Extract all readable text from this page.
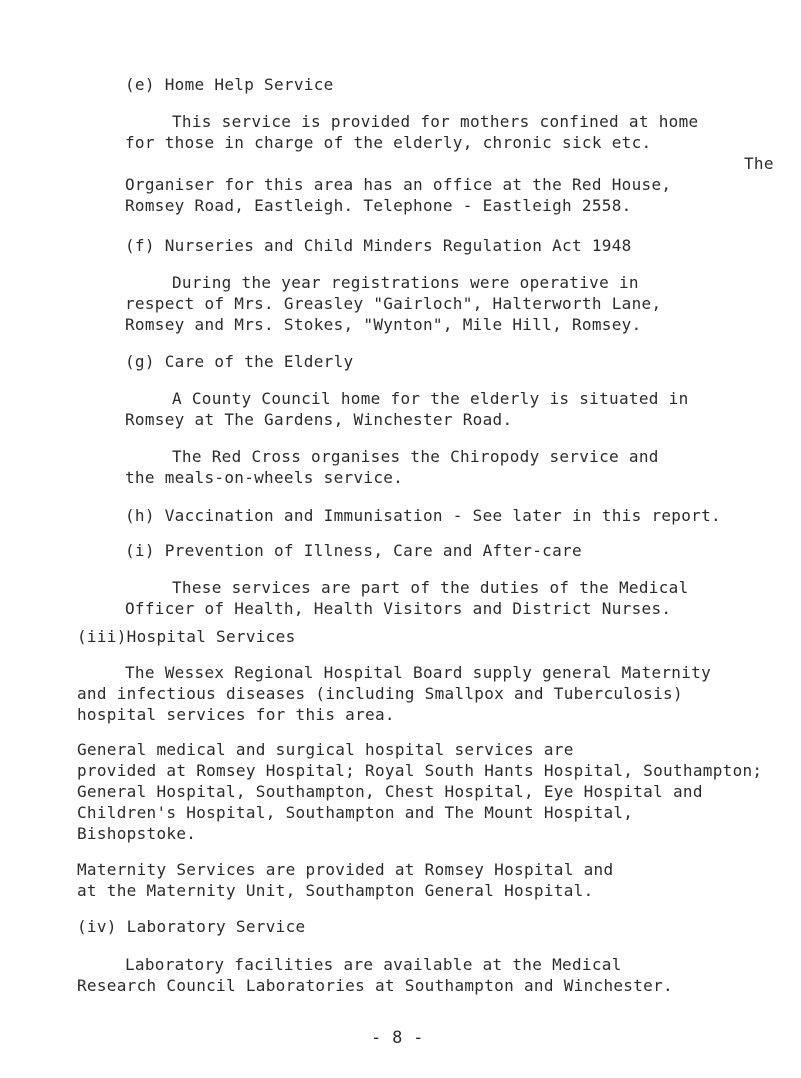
(e) Home Help Service
This service is provided for mothers confined at home
for those in charge of the elderly, chronic sick etc.
The
Organiser for this area has an office at the Red House,
Romsey Road, Eastleigh. Telephone - Eastleigh 2558.
(f) Nurseries and Child Minders Regulation Act 1948
During the year registrations were operative in
respect of Mrs. Greasley "Gairloch", Halterworth Lane,
Romsey and Mrs. Stokes, "Wynton", Mile Hill, Romsey.
(g) Care of the Elderly
A County Council home for the elderly is situated in
Romsey at The Gardens, Winchester Road.
The Red Cross organises the Chiropody service and
the meals-on-wheels service.
(h) Vaccination and Immunisation - See later in this report.
(i) Prevention of Illness, Care and After-care
These services are part of the duties of the Medical
Officer of Health, Health Visitors and District Nurses.
(iii)Hospital Services
The Wessex Regional Hospital Board supply general Maternity
and infectious diseases (including Smallpox and Tuberculosis)
hospital services for this area.
General medical and surgical hospital services are
provided at Romsey Hospital; Royal South Hants Hospital, Southampton;
General Hospital, Southampton, Chest Hospital, Eye Hospital and
Children's Hospital, Southampton and The Mount Hospital,
Bishopstoke.
Maternity Services are provided at Romsey Hospital and
at the Maternity Unit, Southampton General Hospital.
(iv) Laboratory Service
Laboratory facilities are available at the Medical
Research Council Laboratories at Southampton and Winchester.
- 8 -
